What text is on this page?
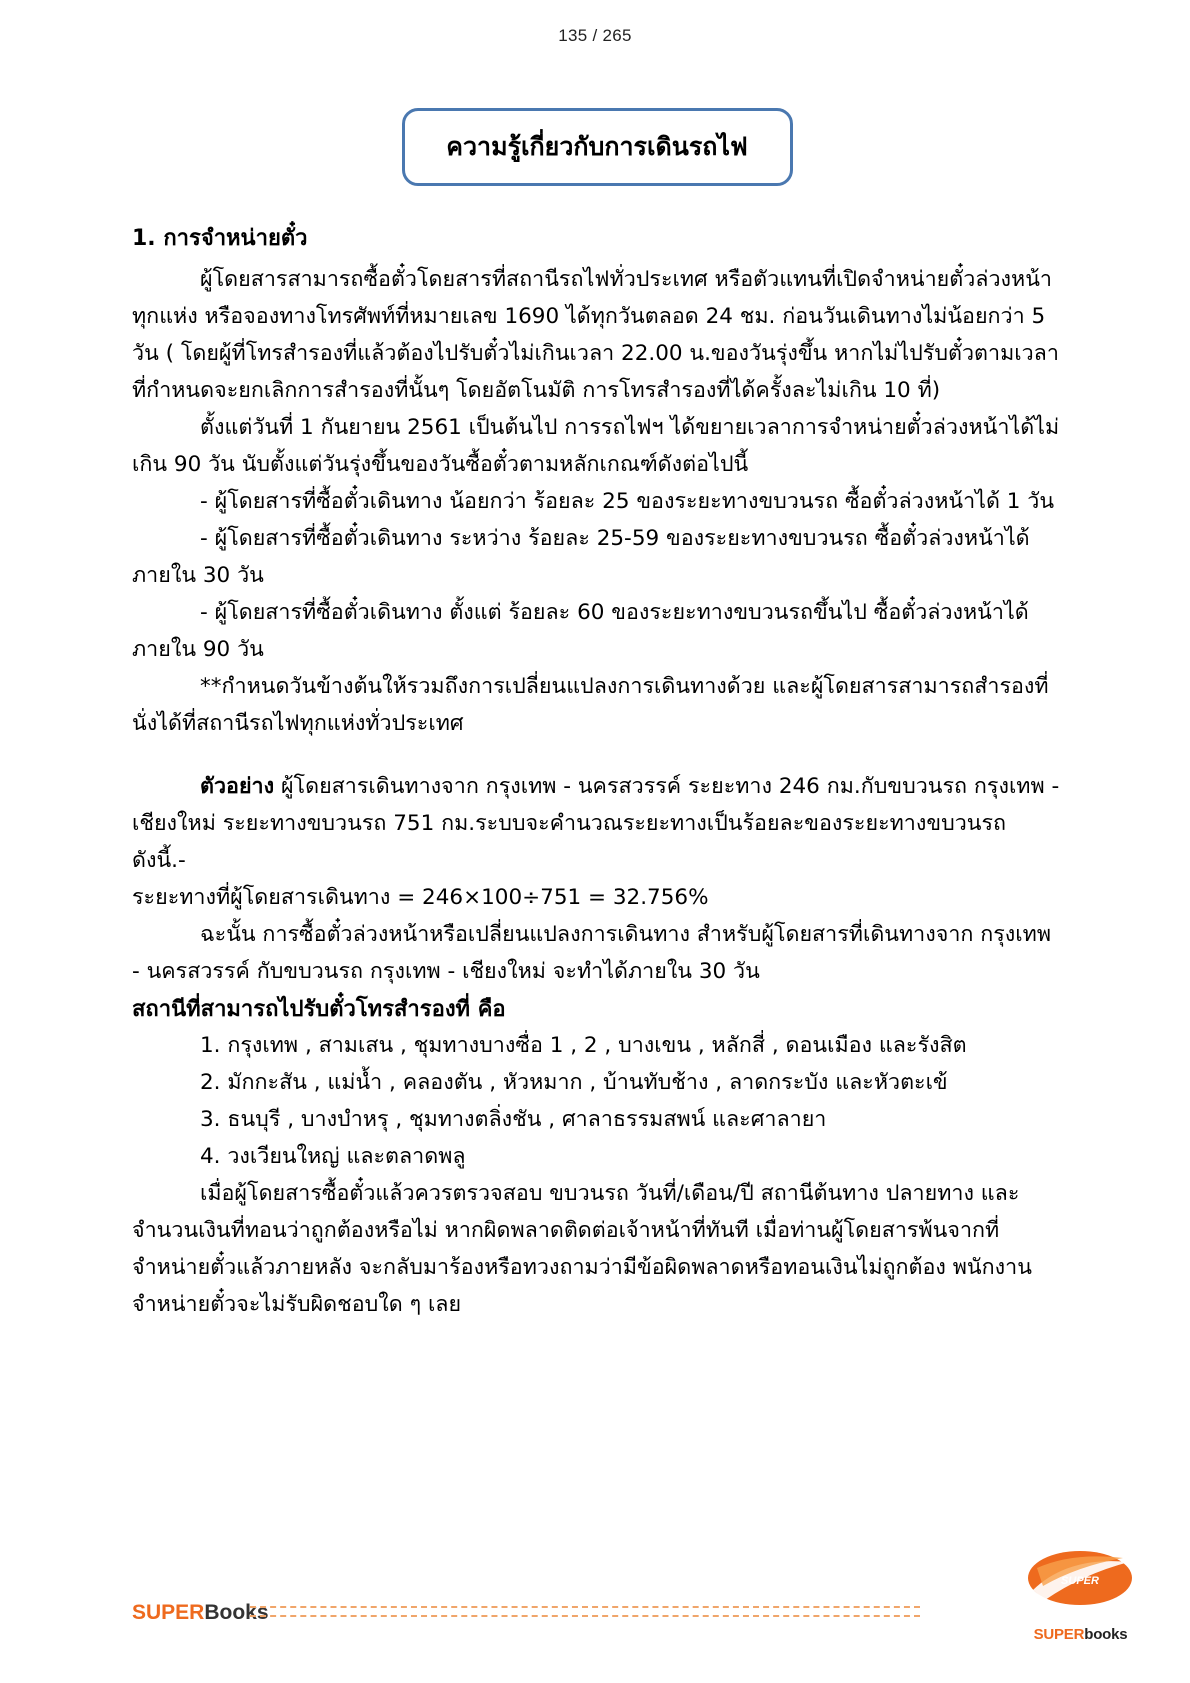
135 / 265
ความรู้เกี่ยวกับการเดินรถไฟ
1. การจำหน่ายตั๋ว

ผู้โดยสารสามารถซื้อตั๋วโดยสารที่สถานีรถไฟทั่วประเทศ หรือตัวแทนที่เปิดจำหน่ายตั๋วล่วงหน้าทุกแห่ง หรือจองทางโทรศัพท์ที่หมายเลข 1690 ได้ทุกวันตลอด 24 ชม. ก่อนวันเดินทางไม่น้อยกว่า 5 วัน ( โดยผู้ที่โทรสำรองที่แล้วต้องไปรับตั๋วไม่เกินเวลา 22.00 น.ของวันรุ่งขึ้น หากไม่ไปรับตั๋วตามเวลาที่กำหนดจะยกเลิกการสำรองที่นั้นๆ โดยอัตโนมัติ การโทรสำรองที่ได้ครั้งละไม่เกิน 10 ที่)

ตั้งแต่วันที่ 1 กันยายน 2561 เป็นต้นไป การรถไฟฯ ได้ขยายเวลาการจำหน่ายตั๋วล่วงหน้าได้ไม่เกิน 90 วัน นับตั้งแต่วันรุ่งขึ้นของวันซื้อตั๋วตามหลักเกณฑ์ดังต่อไปนี้

- ผู้โดยสารที่ซื้อตั๋วเดินทาง น้อยกว่า ร้อยละ 25 ของระยะทางขบวนรถ ซื้อตั๋วล่วงหน้าได้ 1 วัน

- ผู้โดยสารที่ซื้อตั๋วเดินทาง ระหว่าง ร้อยละ 25-59 ของระยะทางขบวนรถ ซื้อตั๋วล่วงหน้าได้ ภายใน 30 วัน

- ผู้โดยสารที่ซื้อตั๋วเดินทาง ตั้งแต่ ร้อยละ 60 ของระยะทางขบวนรถขึ้นไป ซื้อตั๋วล่วงหน้าได้ ภายใน 90 วัน

**กำหนดวันข้างต้นให้รวมถึงการเปลี่ยนแปลงการเดินทางด้วย และผู้โดยสารสามารถสำรองที่นั่งได้ที่สถานีรถไฟทุกแห่งทั่วประเทศ

ตัวอย่าง ผู้โดยสารเดินทางจาก กรุงเทพ - นครสวรรค์ ระยะทาง 246 กม.กับขบวนรถ กรุงเทพ - เชียงใหม่ ระยะทางขบวนรถ 751 กม.ระบบจะคำนวณระยะทางเป็นร้อยละของระยะทางขบวนรถ ดังนี้.-

ระยะทางที่ผู้โดยสารเดินทาง = 246×100÷751 = 32.756%

ฉะนั้น การซื้อตั๋วล่วงหน้าหรือเปลี่ยนแปลงการเดินทาง สำหรับผู้โดยสารที่เดินทางจาก กรุงเทพ - นครสวรรค์ กับขบวนรถ กรุงเทพ - เชียงใหม่ จะทำได้ภายใน 30 วัน

สถานีที่สามารถไปรับตั๋วโทรสำรองที่ คือ

1. กรุงเทพ , สามเสน , ชุมทางบางซื่อ 1 , 2 , บางเขน , หลักสี่ , ดอนเมือง และรังสิต

2. มักกะสัน , แม่น้ำ , คลองตัน , หัวหมาก , บ้านทับช้าง , ลาดกระบัง และหัวตะเข้

3. ธนบุรี , บางบำหรุ , ชุมทางตลิ่งชัน , ศาลาธรรมสพน์ และศาลายา

4. วงเวียนใหญ่ และตลาดพลู

เมื่อผู้โดยสารซื้อตั๋วแล้วควรตรวจสอบ ขบวนรถ วันที่/เดือน/ปี สถานีต้นทาง ปลายทาง และจำนวนเงินที่ทอนว่าถูกต้องหรือไม่ หากผิดพลาดติดต่อเจ้าหน้าที่ทันที เมื่อท่านผู้โดยสารพ้นจากที่จำหน่ายตั๋วแล้วภายหลัง จะกลับมาร้องหรือทวงถามว่ามีข้อผิดพลาดหรือทอนเงินไม่ถูกต้อง พนักงานจำหน่ายตั๋วจะไม่รับผิดชอบใด ๆ เลย

SUPERBooks
SUPER
SUPERbooks
